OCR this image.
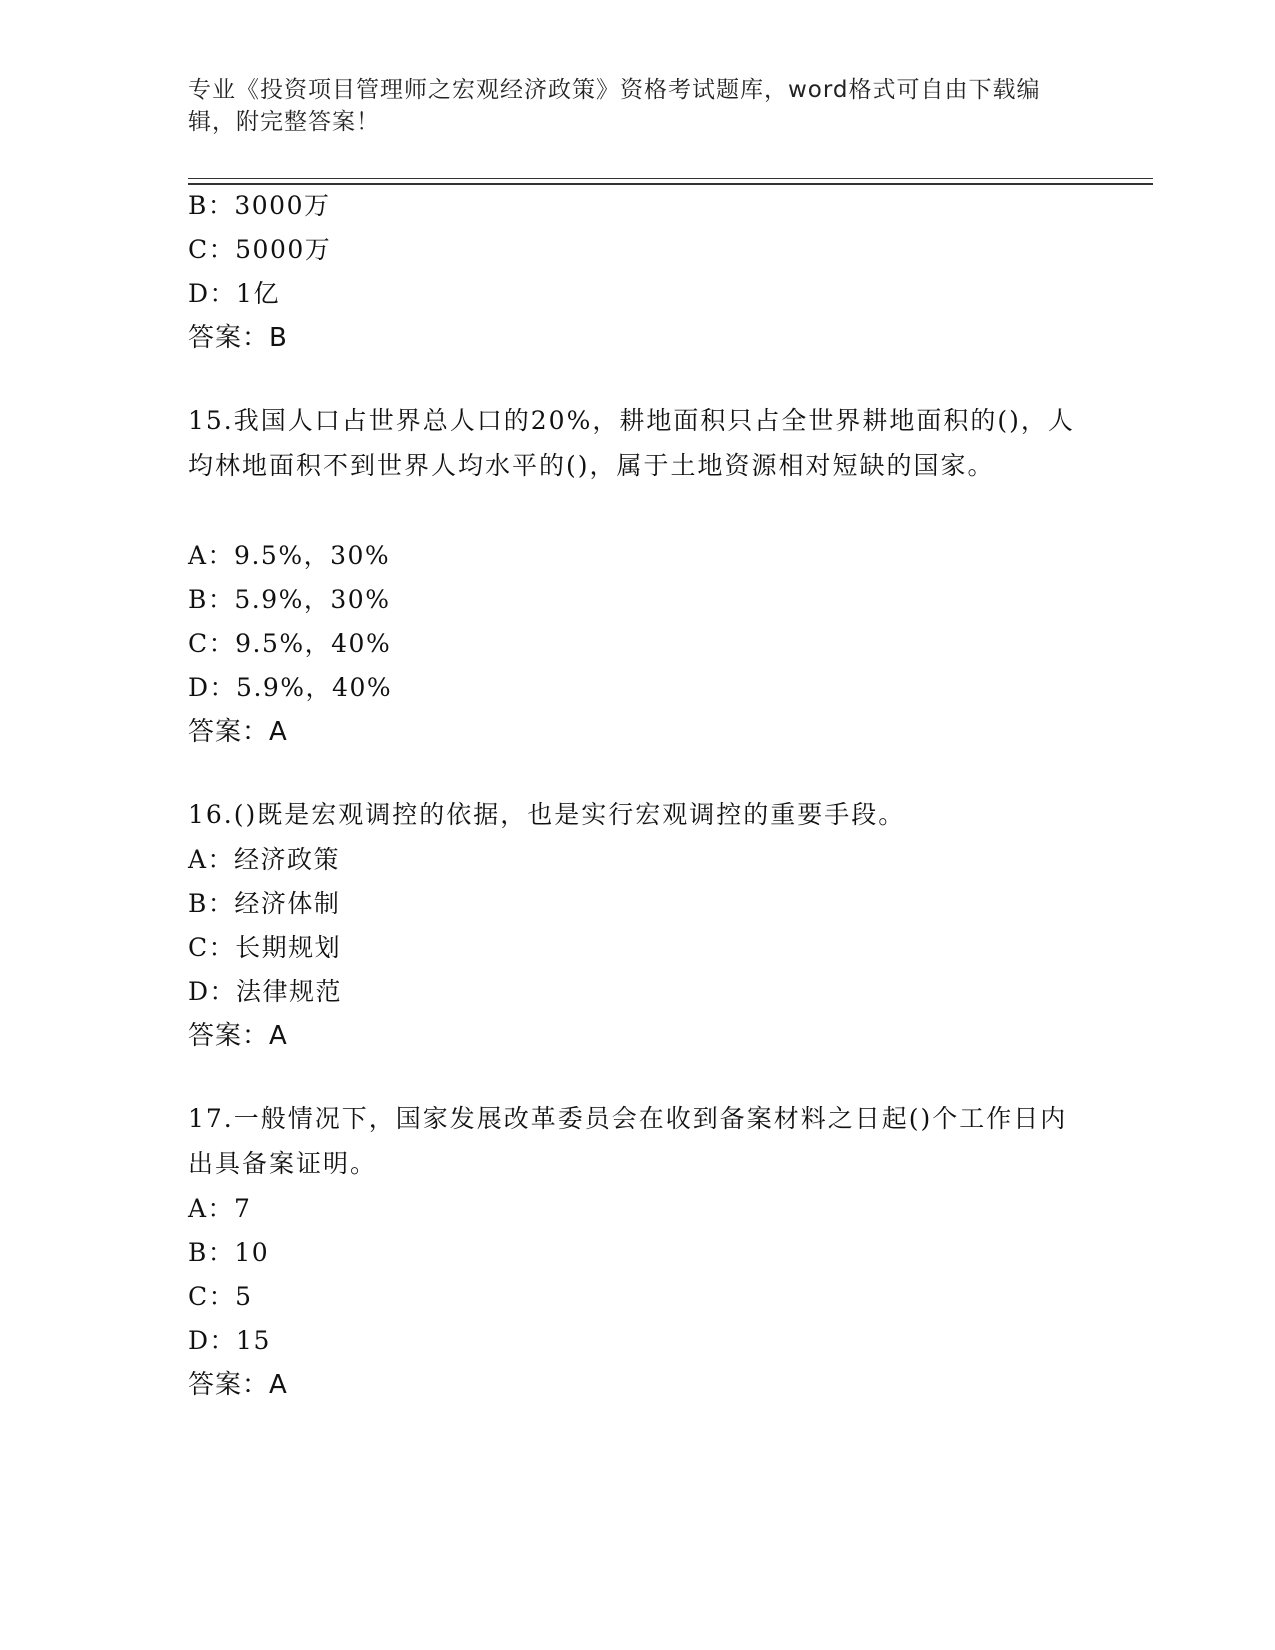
专业《投资项目管理师之宏观经济政策》资格考试题库，word格式可自由下载编辑，附完整答案！
B：3000万
C：5000万
D：1亿
答案：B
15.我国人口占世界总人口的20%，耕地面积只占全世界耕地面积的()，人均林地面积不到世界人均水平的()，属于土地资源相对短缺的国家。
A：9.5%，30%
B：5.9%，30%
C：9.5%，40%
D：5.9%，40%
答案：A
16.()既是宏观调控的依据，也是实行宏观调控的重要手段。
A：经济政策
B：经济体制
C：长期规划
D：法律规范
答案：A
17.一般情况下，国家发展改革委员会在收到备案材料之日起()个工作日内出具备案证明。
A：7
B：10
C：5
D：15
答案：A
